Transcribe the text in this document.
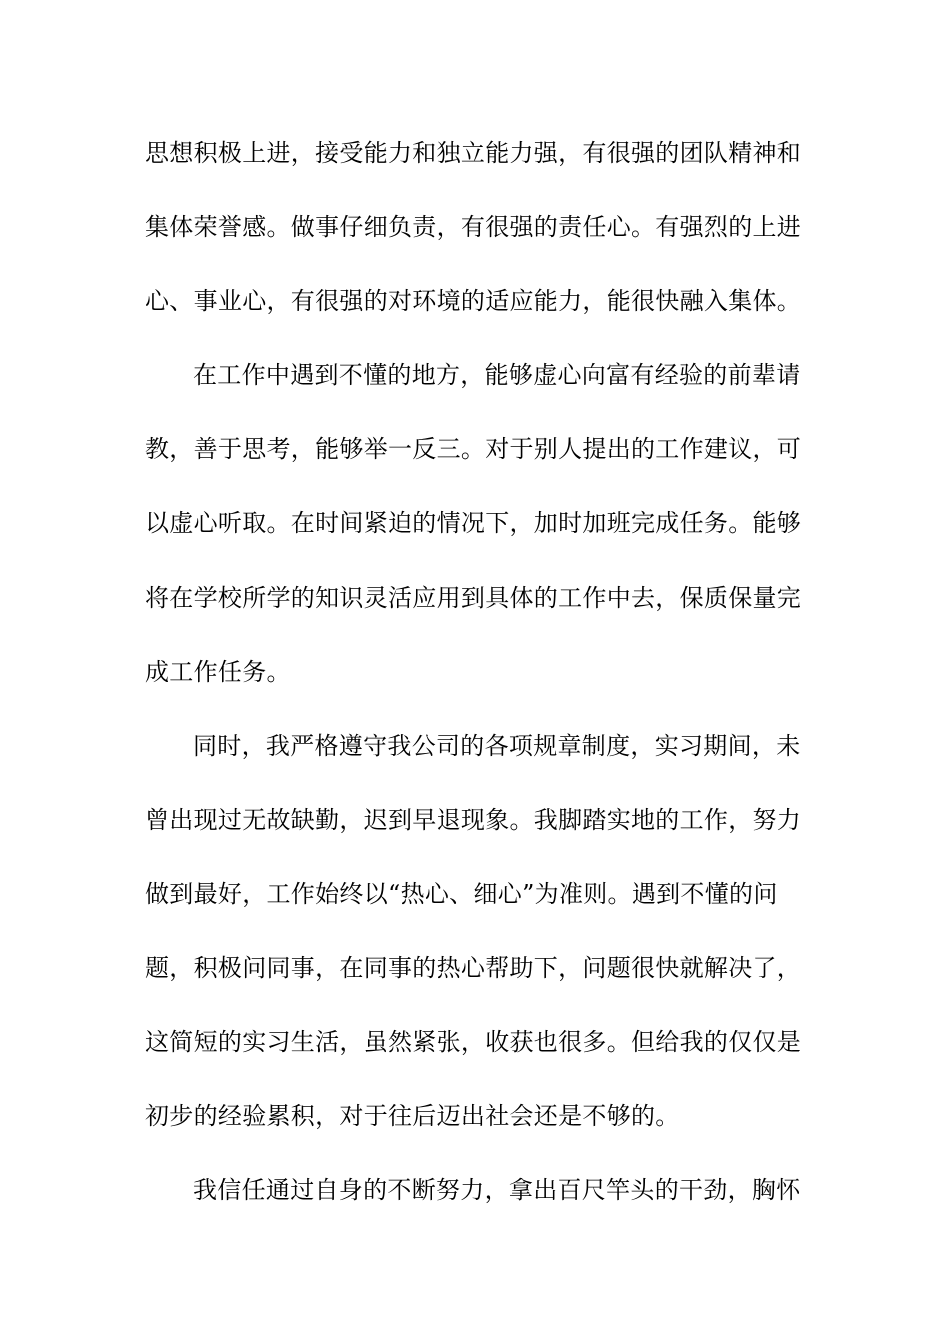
思想积极上进，接受能力和独立能力强，有很强的团队精神和
集体荣誉感。做事仔细负责，有很强的责任心。有强烈的上进
心、事业心，有很强的对环境的适应能力，能很快融入集体。
在工作中遇到不懂的地方，能够虚心向富有经验的前辈请
教，善于思考，能够举一反三。对于别人提出的工作建议，可
以虚心听取。在时间紧迫的情况下，加时加班完成任务。能够
将在学校所学的知识灵活应用到具体的工作中去，保质保量完
成工作任务。
同时，我严格遵守我公司的各项规章制度，实习期间，未
曾出现过无故缺勤，迟到早退现象。我脚踏实地的工作，努力
做到最好，工作始终以“热心、细心”为准则。遇到不懂的问
题，积极问同事，在同事的热心帮助下，问题很快就解决了，
这简短的实习生活，虽然紧张，收获也很多。但给我的仅仅是
初步的经验累积，对于往后迈出社会还是不够的。
我信任通过自身的不断努力，拿出百尺竿头的干劲，胸怀
